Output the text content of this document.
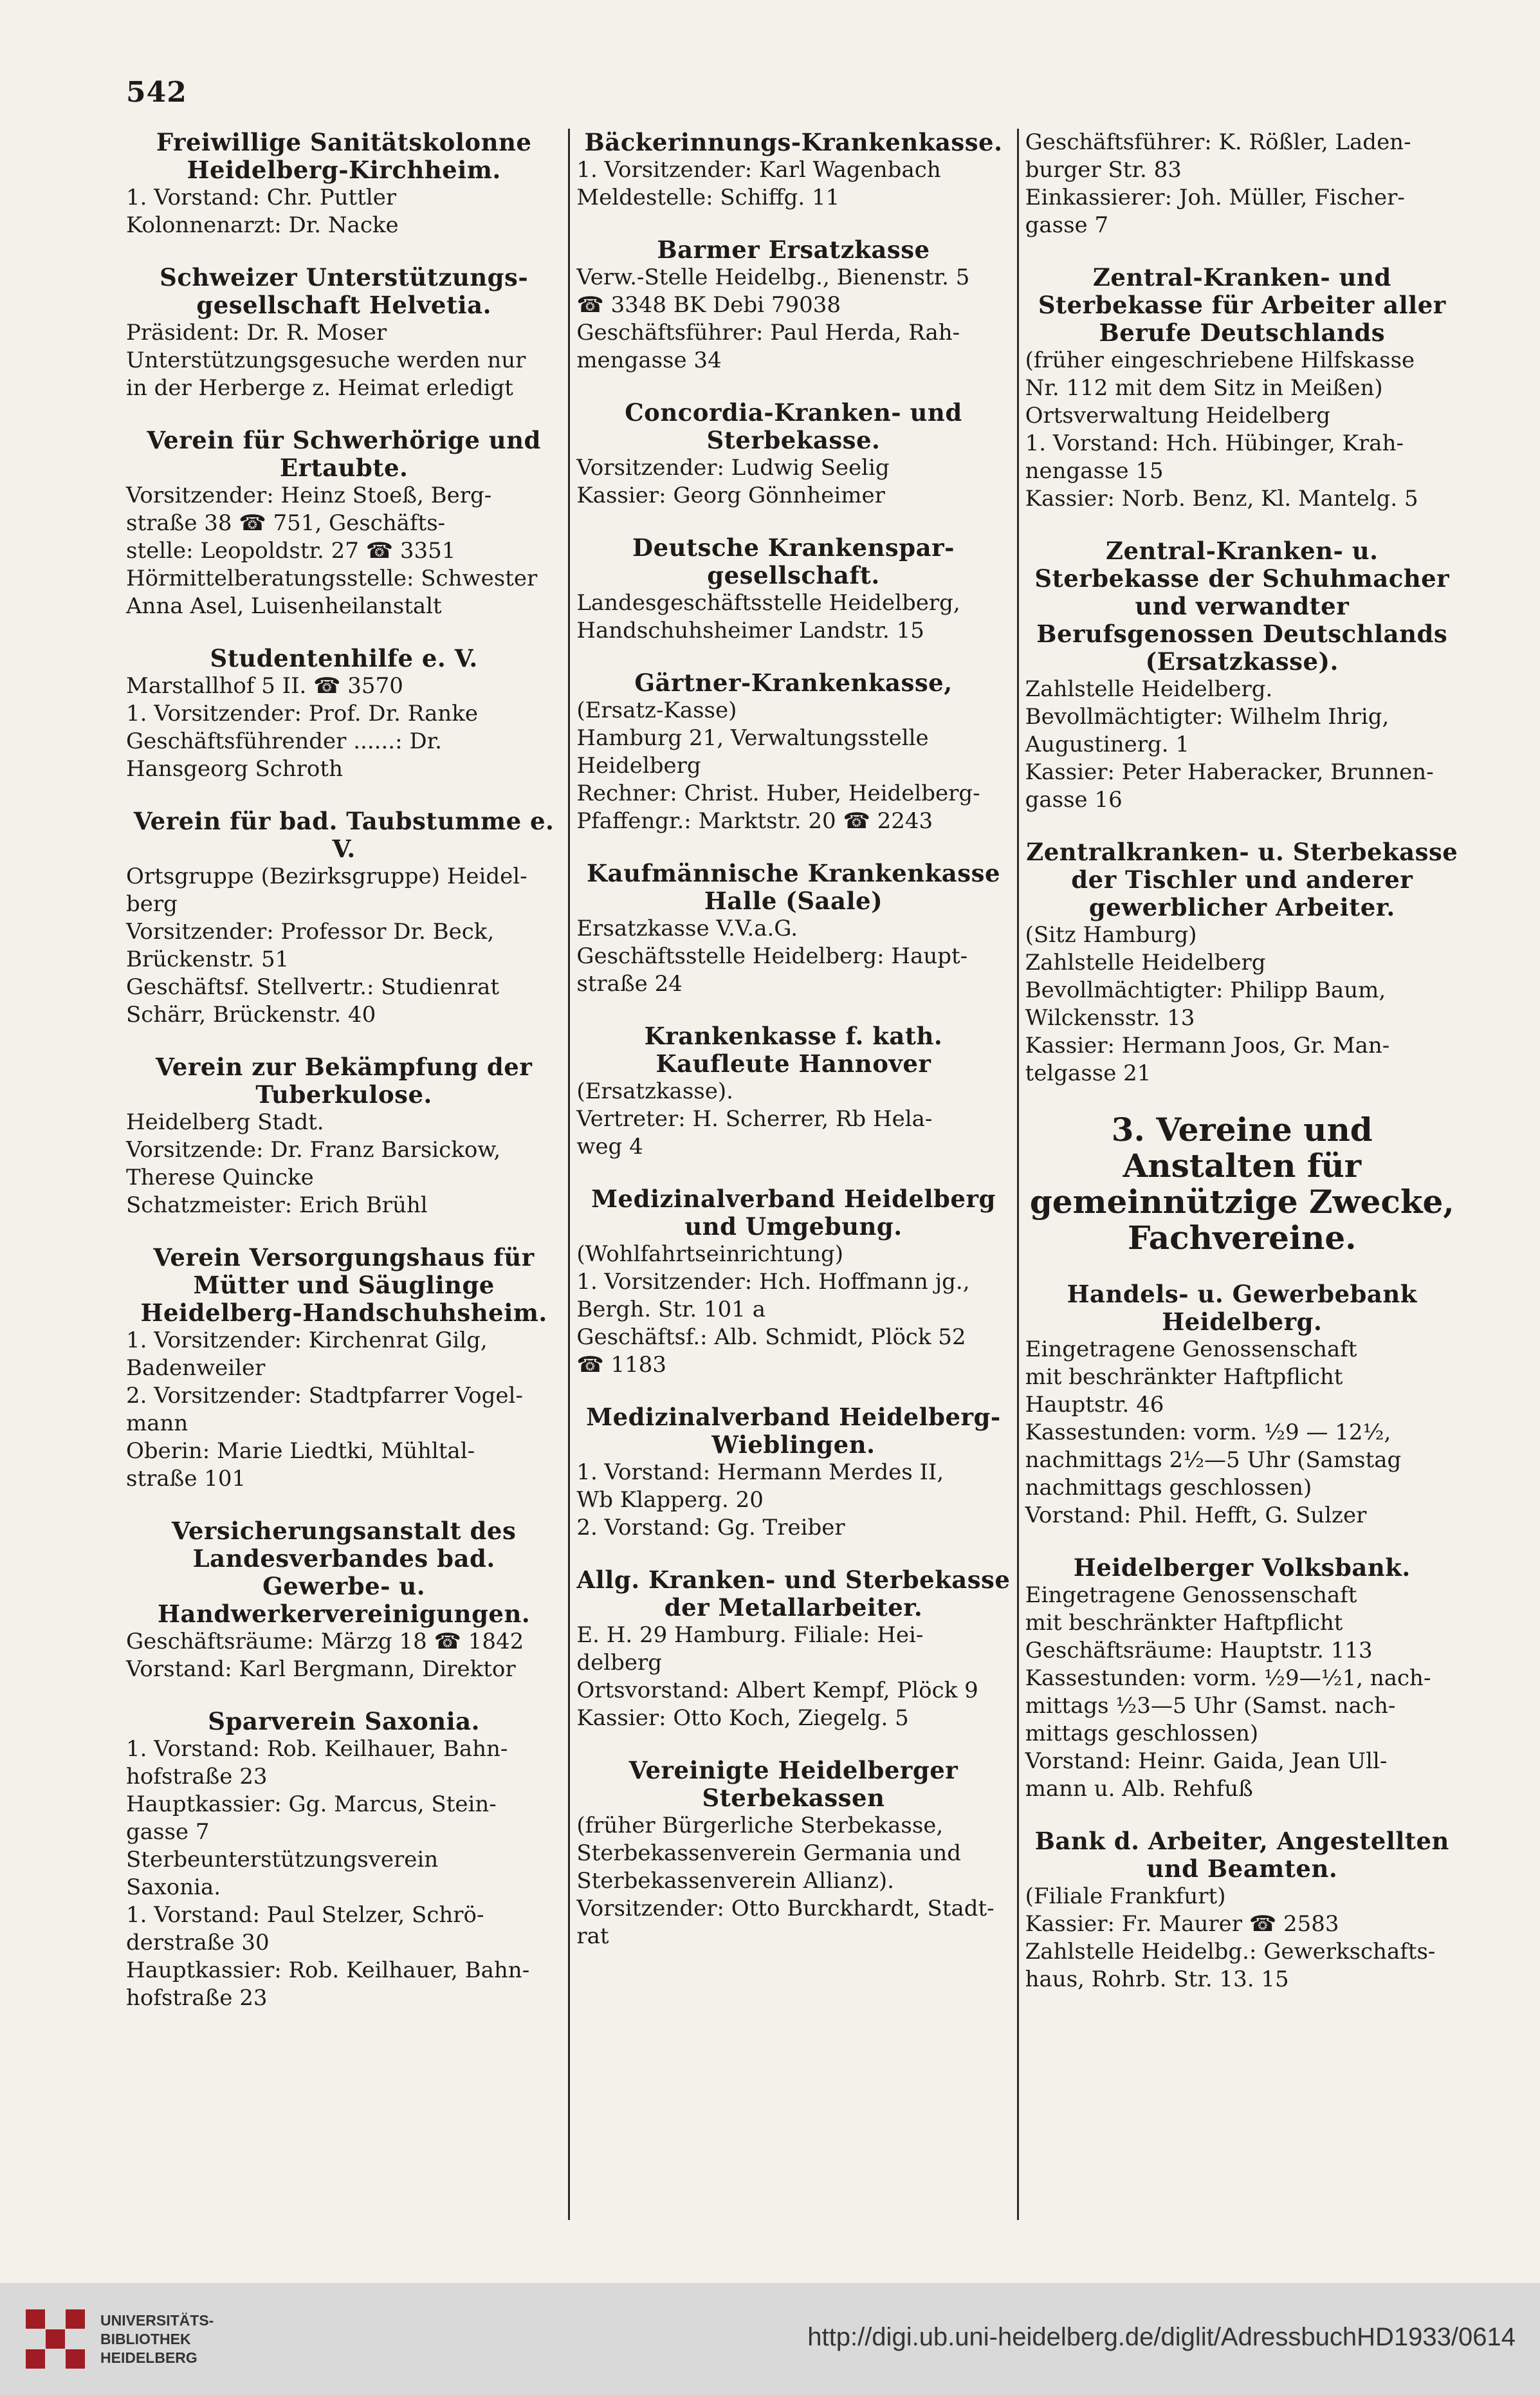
542
Freiwillige Sanitätskolonne Heidelberg-Kirchheim.
1. Vorstand: Chr. Puttler
Kolonnenarzt: Dr. Nacke
Schweizer Unterstützungs-gesellschaft Helvetia.
Präsident: Dr. R. Moser
Unterstützungsgesuche werden nur
in der Herberge z. Heimat erledigt
Verein für Schwerhörige und Ertaubte.
Vorsitzender: Heinz Stoeß, Berg-
straße 38 ☎ 751, Geschäfts-
stelle: Leopoldstr. 27 ☎ 3351
Hörmittelberatungsstelle: Schwester
Anna Asel, Luisenheilanstalt
Studentenhilfe e. V.
Marstallhof 5 II. ☎ 3570
1. Vorsitzender: Prof. Dr. Ranke
Geschäftsführender ......: Dr.
Hansgeorg Schroth
Verein für bad. Taubstumme e. V.
Ortsgruppe (Bezirksgruppe) Heidel-
berg
Vorsitzender: Professor Dr. Beck,
Brückenstr. 51
Geschäftsf. Stellvertr.: Studienrat
Schärr, Brückenstr. 40
Verein zur Bekämpfung der Tuberkulose.
Heidelberg Stadt.
Vorsitzende: Dr. Franz Barsickow,
Therese Quincke
Schatzmeister: Erich Brühl
Verein Versorgungshaus für Mütter und Säuglinge Heidelberg-Handschuhsheim.
1. Vorsitzender: Kirchenrat Gilg,
Badenweiler
2. Vorsitzender: Stadtpfarrer Vogel-
mann
Oberin: Marie Liedtki, Mühltal-
straße 101
Versicherungsanstalt des Landesverbandes bad. Gewerbe- u. Handwerkervereinigungen.
Geschäftsräume: Märzg 18 ☎ 1842
Vorstand: Karl Bergmann, Direktor
Sparverein Saxonia.
1. Vorstand: Rob. Keilhauer, Bahn-
hofstraße 23
Hauptkassier: Gg. Marcus, Stein-
gasse 7
Sterbeunterstützungsverein
Saxonia.
1. Vorstand: Paul Stelzer, Schrö-
derstraße 30
Hauptkassier: Rob. Keilhauer, Bahn-
hofstraße 23
Bäckerinnungs-Krankenkasse.
1. Vorsitzender: Karl Wagenbach
Meldestelle: Schiffg. 11
Barmer Ersatzkasse
Verw.-Stelle Heidelbg., Bienenstr. 5
☎ 3348 BK Debi 79038
Geschäftsführer: Paul Herda, Rah-
mengasse 34
Concordia-Kranken- und Sterbekasse.
Vorsitzender: Ludwig Seelig
Kassier: Georg Gönnheimer
Deutsche Krankenspar-gesellschaft.
Landesgeschäftsstelle Heidelberg,
Handschuhsheimer Landstr. 15
Gärtner-Krankenkasse,
(Ersatz-Kasse)
Hamburg 21, Verwaltungsstelle
Heidelberg
Rechner: Christ. Huber, Heidelberg-
Pfaffengr.: Marktstr. 20 ☎ 2243
Kaufmännische Krankenkasse Halle (Saale)
Ersatzkasse V.V.a.G.
Geschäftsstelle Heidelberg: Haupt-
straße 24
Krankenkasse f. kath. Kaufleute Hannover
(Ersatzkasse).
Vertreter: H. Scherrer, Rb Hela-
weg 4
Medizinalverband Heidelberg und Umgebung.
(Wohlfahrtseinrichtung)
1. Vorsitzender: Hch. Hoffmann jg.,
Bergh. Str. 101 a
Geschäftsf.: Alb. Schmidt, Plöck 52
☎ 1183
Medizinalverband Heidelberg-Wieblingen.
1. Vorstand: Hermann Merdes II,
Wb Klapperg. 20
2. Vorstand: Gg. Treiber
Allg. Kranken- und Sterbekasse der Metallarbeiter.
E. H. 29 Hamburg. Filiale: Hei-
delberg
Ortsvorstand: Albert Kempf, Plöck 9
Kassier: Otto Koch, Ziegelg. 5
Vereinigte Heidelberger Sterbekassen
(früher Bürgerliche Sterbekasse,
Sterbekassenverein Germania und
Sterbekassenverein Allianz).
Vorsitzender: Otto Burckhardt, Stadt-
rat
Geschäftsführer: K. Rößler, Laden-
burger Str. 83
Einkassierer: Joh. Müller, Fischer-
gasse 7
Zentral-Kranken- und Sterbekasse für Arbeiter aller Berufe Deutschlands
(früher eingeschriebene Hilfskasse
Nr. 112 mit dem Sitz in Meißen)
Ortsverwaltung Heidelberg
1. Vorstand: Hch. Hübinger, Krah-
nengasse 15
Kassier: Norb. Benz, Kl. Mantelg. 5
Zentral-Kranken- u. Sterbekasse der Schuhmacher und verwandter Berufsgenossen Deutschlands (Ersatzkasse).
Zahlstelle Heidelberg.
Bevollmächtigter: Wilhelm Ihrig,
Augustinerg. 1
Kassier: Peter Haberacker, Brunnen-
gasse 16
Zentralkranken- u. Sterbekasse der Tischler und anderer gewerblicher Arbeiter.
(Sitz Hamburg)
Zahlstelle Heidelberg
Bevollmächtigter: Philipp Baum,
Wilckensstr. 13
Kassier: Hermann Joos, Gr. Man-
telgasse 21
3. Vereine und Anstalten für gemeinnützige Zwecke, Fachvereine.
Handels- u. Gewerbebank Heidelberg.
Eingetragene Genossenschaft
mit beschränkter Haftpflicht
Hauptstr. 46
Kassestunden: vorm. ½9 — 12½,
nachmittags 2½—5 Uhr (Samstag
nachmittags geschlossen)
Vorstand: Phil. Hefft, G. Sulzer
Heidelberger Volksbank.
Eingetragene Genossenschaft
mit beschränkter Haftpflicht
Geschäftsräume: Hauptstr. 113
Kassestunden: vorm. ½9—½1, nach-
mittags ½3—5 Uhr (Samst. nach-
mittags geschlossen)
Vorstand: Heinr. Gaida, Jean Ull-
mann u. Alb. Rehfuß
Bank d. Arbeiter, Angestellten und Beamten.
(Filiale Frankfurt)
Kassier: Fr. Maurer ☎ 2583
Zahlstelle Heidelbg.: Gewerkschafts-
haus, Rohrb. Str. 13. 15
UNIVERSITÄTS-
BIBLIOTHEK
HEIDELBERG
http://digi.ub.uni-heidelberg.de/diglit/AdressbuchHD1933/0614
